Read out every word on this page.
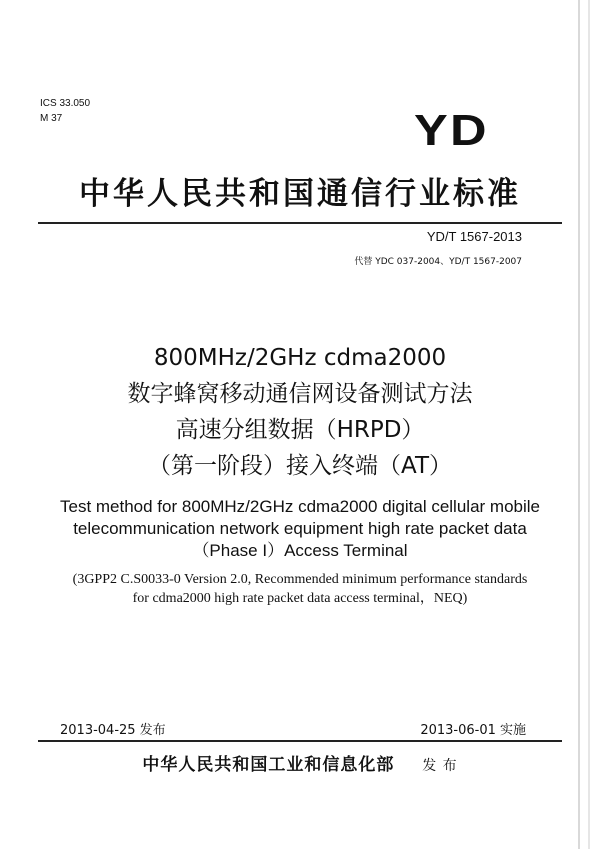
ICS 33.050
M 37	YD
中华人民共和国通信行业标准
YD/T 1567-2013
代替 YDC 037-2004、YD/T 1567-2007
800MHz/2GHz cdma2000
数字蜂窝移动通信网设备测试方法
高速分组数据（HRPD）
（第一阶段）接入终端（AT）
Test method for 800MHz/2GHz cdma2000 digital cellular mobile
telecommunication network equipment high rate packet data
（Phase I）Access Terminal
(3GPP2 C.S0033-0 Version 2.0, Recommended minimum performance standards
for cdma2000 high rate packet data access terminal，NEQ)
2013-04-25 发布	2013-06-01 实施
中华人民共和国工业和信息化部 发 布
